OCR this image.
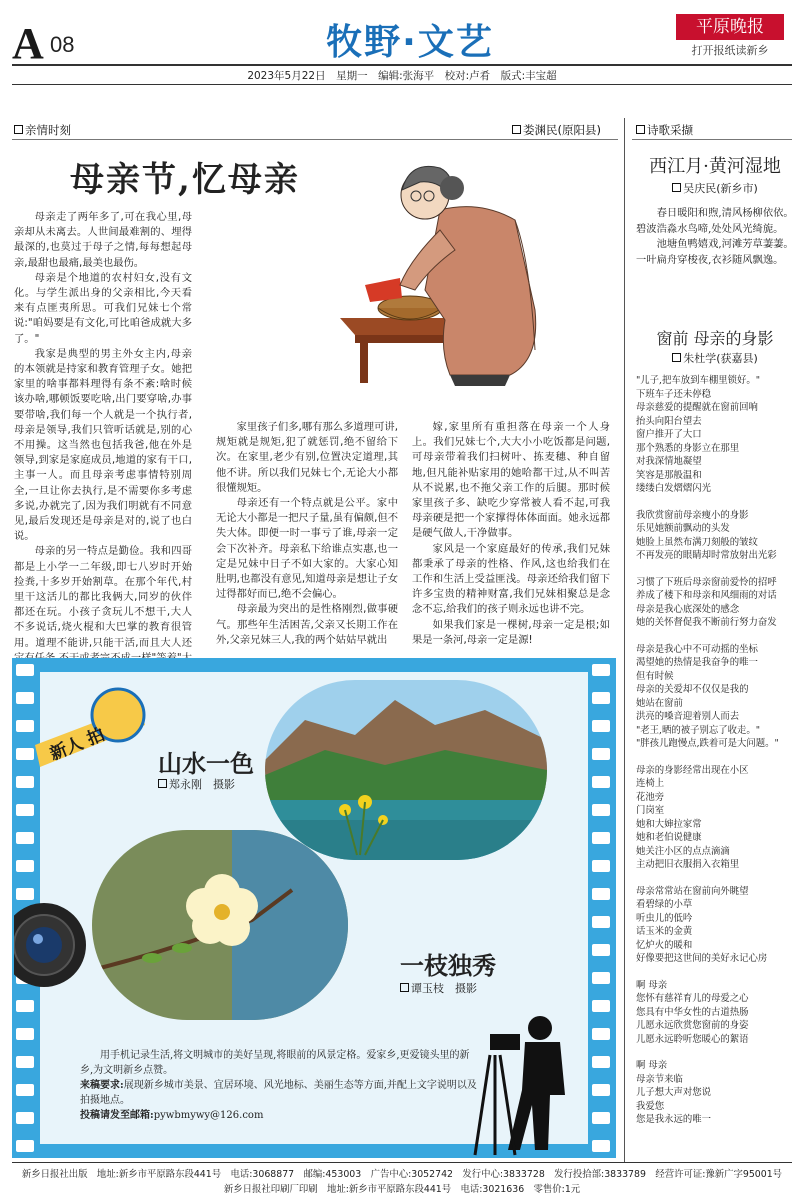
A 08	牧野·文艺	平原晚报
打开报纸读新乡
2023年5月22日　星期一　编辑:张海平　校对:卢肴　版式:丰宝超
亲情时刻	娄渊民(原阳县)
母亲节,忆母亲

母亲走了两年多了,可在我心里,母亲却从未离去。人世间最难割的、埋得最深的,也莫过于母子之情,每每想起母亲,最甜也最痛,最美也最伤。

母亲是个地道的农村妇女,没有文化。与学生派出身的父亲相比,今天看来有点匪夷所思。可我们兄妹七个常说:"咱妈要是有文化,可比咱爸成就大多了。"

我家是典型的男主外女主内,母亲的本领就是持家和教育管理子女。她把家里的啥事都料理得有条不紊:啥时候该办啥,哪顿饭要吃啥,出门要穿啥,办事要带啥,我们每一个人就是一个执行者,母亲是领导,我们只管听话就是,别的心不用操。这当然也包括我爸,他在外是领导,到家是家庭成员,地道的家有干口,主事一人。而且母亲考虑事情特别周全,一旦让你去执行,是不需要你多考虑多说,办就完了,因为我们明就有不同意见,最后发现还是母亲是对的,说了也白说。

母亲的另一特点是勤俭。我和四哥都是上小学一二年级,即七八岁时开始捡粪,十多岁开始割草。在那个年代,村里干这活儿的都比我俩大,同岁的伙伴都还在玩。小孩子贪玩儿不想干,大人不多说话,烧火棍和大巴掌的教育很管用。道理不能讲,只能干活,而且大人还

家里孩子们多,哪有那么多道理可讲,规矩就是规矩,犯了就惩罚,绝不留给下次。在家里,老少有别,位置决定道理,其他不讲。所以我们兄妹七个,无论大小都很懂规矩。

母亲还有一个特点就是公平。家中无论大小都是一把尺子量,虽有偏颇,但不失大体。即便一时一事亏了谁,母亲一定会下次补齐。母亲私下给谁点实惠,也一定是兄妹中日子不如大家的。大家心知肚明,也都没有意见,知道母亲是想让子女过得都好而已,绝不会偏心。

母亲最为突出的是性格刚烈,做事硬气。那些年生活困苦,父亲又长期工作在外,父亲兄妹三人,我的两个姑姑早就出

嫁,家里所有重担落在母亲一个人身上。我们兄妹七个,大大小小吃饭都是问题,可母亲带着我们扫树叶、拣麦穗、种自留地,但凡能补贴家用的她哈都干过,从不叫苦从不说累,也不拖父亲工作的后腿。那时候家里孩子多、缺吃少穿常被人看不起,可我母亲硬是把一个家撑得体体面面。她永远都是硬气做人,干净做事。

家风是一个家庭最好的传承,我们兄妹都秉承了母亲的性格、作风,这也给我们在工作和生活上受益匪浅。母亲还给我们留下许多宝贵的精神财富,我们兄妹相聚总是念念不忘,给我们的孩子则永远也讲不完。

如果我们家是一棵树,母亲一定是根;如果是一条河,母亲一定是源!

新人 拍 山水一色
郑永刚　摄影
一枝独秀
谭玉枝　摄影
用手机记录生活,将文明城市的美好呈现,将眼前的风景定格。爱家乡,更爱镜头里的新乡,为文明新乡点赞。
来稿要求:展现新乡城市美景、宜居环境、风光地标、美丽生态等方面,并配上文字说明以及拍摄地点。
投稿请发至邮箱:pywbmywy@126.com
诗歌采撷
西江月·黄河湿地
吴庆民(新乡市)

春日暖阳和煦,清风杨柳依依。碧波浩淼水鸟啼,处处风光绮旎。

池塘鱼鸭嬉戏,河滩芳草萋萋。一叶扁舟穿梭夜,衣衫随风飘逸。

窗前 母亲的身影
朱杜学(获嘉县)
"儿子,把车放到车棚里锁好。"
下班车子还未停稳
母亲慈爱的提醒就在窗前回响
抬头向阳台望去
窗户推开了大口
那个熟悉的身影立在那里
对我深情地凝望
笑容是那般温和
缕缕白发熠熠闪光
我欣赏窗前母亲瘦小的身影
乐见她额前飘动的头发
她脸上虽然布满刀刻般的皱纹
不再发亮的眼睛却时常放射出光彩
习惯了下班后母亲窗前爱怜的招呼
养成了楼下和母亲和风细雨的对话
母亲是我心底深处的感念
她的关怀督促我不断前行努力奋发
母亲是我心中不可动摇的坐标
渴望她的热情是我奋争的唯一
但有时候
母亲的关爱却不仅仅是我的
她站在窗前
洪亮的嗓音迎着别人而去
"老王,晒的被子别忘了收走。"
"胖孩儿跑慢点,跌着可是大问题。"
母亲的身影经常出现在小区
连椅上
花池旁
门岗室
她和大婶拉家常
她和老伯说健康
她关注小区的点点滴滴
主动把旧衣服捐入衣箱里
母亲常常站在窗前向外眺望
看碧绿的小草
听虫儿的低吟
话玉米的金黄
忆炉火的暖和
好像要把这世间的美好永记心房
啊 母亲
您怀有慈祥育儿的母爱之心
您具有中华女性的古道热肠
儿愿永远欣赏您窗前的身姿
儿愿永远聆听您暖心的絮语
啊 母亲
母亲节来临
儿子想大声对您说
我爱您
您是我永远的唯一
新乡日报社出版　地址:新乡市平原路东段441号　电话:3068877　邮编:453003　广告中心:3052742　发行中心:3833728　发行投拾部:3833789　经营许可证:豫新广字95001号
新乡日报社印刷厂印刷　地址:新乡市平原路东段441号　电话:3021636　零售价:1元
